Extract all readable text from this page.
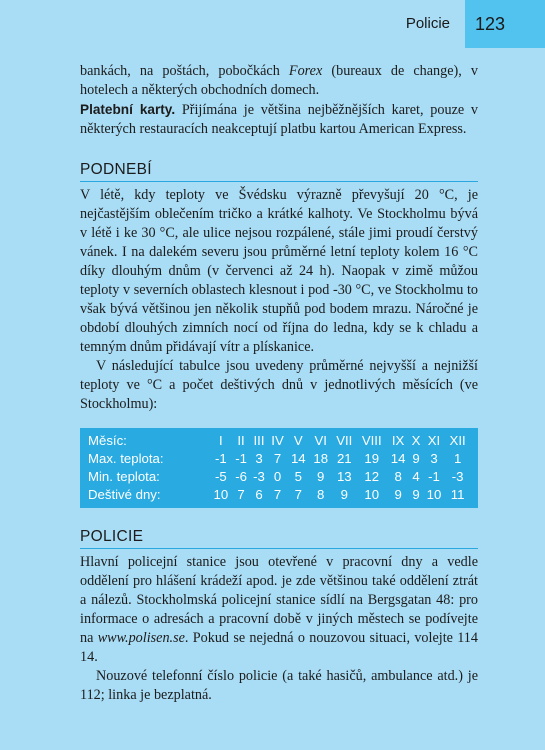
Policie	123

bankách, na poštách, pobočkách Forex (bureaux de change), v hotelech a některých obchodních domech.

Platební karty. Přijímána je většina nejběžnějších karet, pouze v některých restauracích neakceptují platbu kartou American Express.

PODNEBÍ

V létě, kdy teploty ve Švédsku výrazně převyšují 20 °C, je nejčastějším oblečením tričko a krátké kalhoty. Ve Stockholmu bývá v létě i ke 30 °C, ale ulice nejsou rozpálené, stále jimi proudí čerstvý vánek. I na dalekém severu jsou průměrné letní teploty kolem 16 °C díky dlouhým dnům (v červenci až 24 h). Naopak v zimě můžou teploty v severních oblastech klesnout i pod -30 °C, ve Stockholmu to však bývá většinou jen několik stupňů pod bodem mrazu. Náročné je období dlouhých zimních nocí od října do ledna, kdy se k chladu a temným dnům přidávají vítr a plískanice.

V následující tabulce jsou uvedeny průměrné nejvyšší a nejnižší teploty ve °C a počet deštivých dnů v jednotlivých měsících (ve Stockholmu):

Měsíc:	I	II	III	IV	V	VI	VII	VIII	IX	X	XI	XII
Max. teplota:	-1	-1	3	7	14	18	21	19	14	9	3	1
Min. teplota:	-5	-6	-3	0	5	9	13	12	8	4	-1	-3
Deštivé dny:	10	7	6	7	7	8	9	10	9	9	10	11
POLICIE

Hlavní policejní stanice jsou otevřené v pracovní dny a vedle oddělení pro hlášení krádeží apod. je zde většinou také oddělení ztrát a nálezů. Stockholmská policejní stanice sídlí na Bergsgatan 48: pro informace o adresách a pracovní době v jiných městech se podívejte na www.polisen.se. Pokud se nejedná o nouzovou situaci, volejte 114 14.

Nouzové telefonní číslo policie (a také hasičů, ambulance atd.) je 112; linka je bezplatná.
